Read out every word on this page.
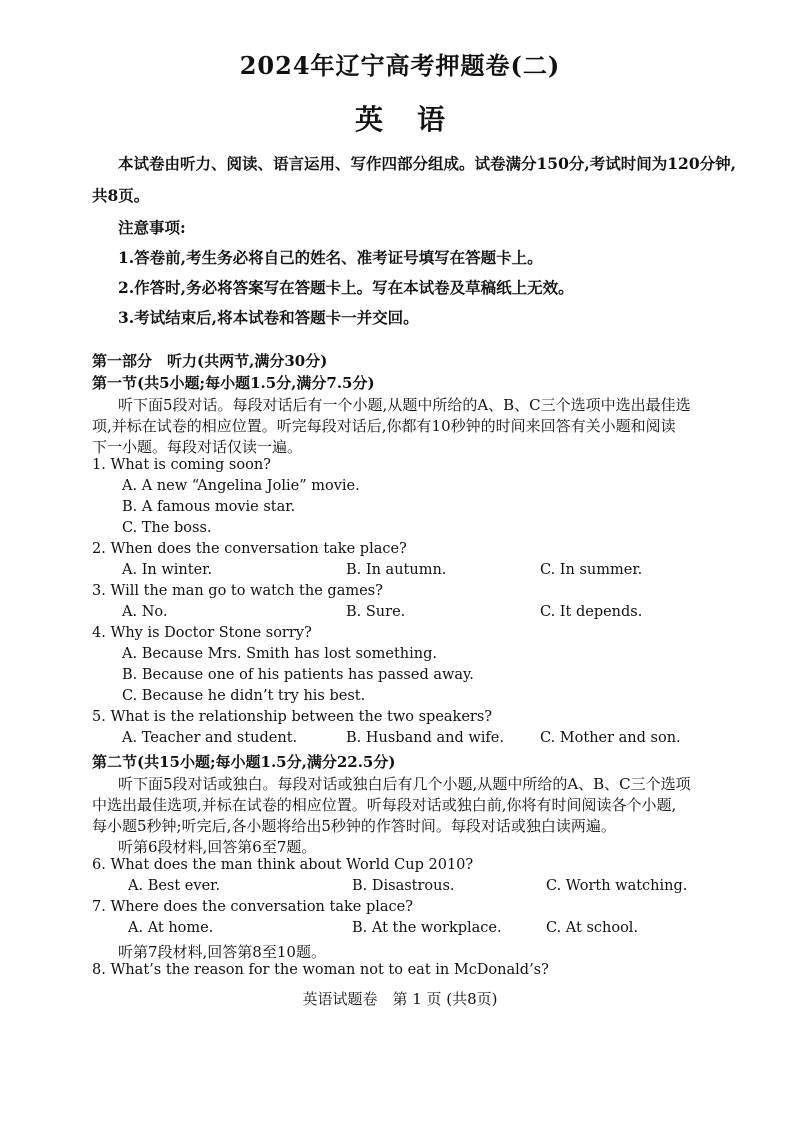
2024年辽宁高考押题卷(二)
英语
本试卷由听力、阅读、语言运用、写作四部分组成。试卷满分150分,考试时间为120分钟,
共8页。
注意事项:
1.答卷前,考生务必将自己的姓名、准考证号填写在答题卡上。
2.作答时,务必将答案写在答题卡上。写在本试卷及草稿纸上无效。
3.考试结束后,将本试卷和答题卡一并交回。
第一部分　听力(共两节,满分30分)
第一节(共5小题;每小题1.5分,满分7.5分)
听下面5段对话。每段对话后有一个小题,从题中所给的A、B、C三个选项中选出最佳选
项,并标在试卷的相应位置。听完每段对话后,你都有10秒钟的时间来回答有关小题和阅读
下一小题。每段对话仅读一遍。
1. What is coming soon?
A. A new “Angelina Jolie” movie.
B. A famous movie star.
C. The boss.
2. When does the conversation take place?
A. In winter.	B. In autumn.	C. In summer.
3. Will the man go to watch the games?
A. No.	B. Sure.	C. It depends.
4. Why is Doctor Stone sorry?
A. Because Mrs. Smith has lost something.
B. Because one of his patients has passed away.
C. Because he didn’t try his best.
5. What is the relationship between the two speakers?
A. Teacher and student.	B. Husband and wife. C. Mother and son.
第二节(共15小题;每小题1.5分,满分22.5分)
听下面5段对话或独白。每段对话或独白后有几个小题,从题中所给的A、B、C三个选项
中选出最佳选项,并标在试卷的相应位置。听每段对话或独白前,你将有时间阅读各个小题,
每小题5秒钟;听完后,各小题将给出5秒钟的作答时间。每段对话或独白读两遍。
听第6段材料,回答第6至7题。
6. What does the man think about World Cup 2010?
A. Best ever.	B. Disastrous.	C. Worth watching.
7. Where does the conversation take place?
A. At home.	B. At the workplace.	C. At school.
听第7段材料,回答第8至10题。
8. What’s the reason for the woman not to eat in McDonald’s?
英语试题卷　第 1 页 (共8页)
